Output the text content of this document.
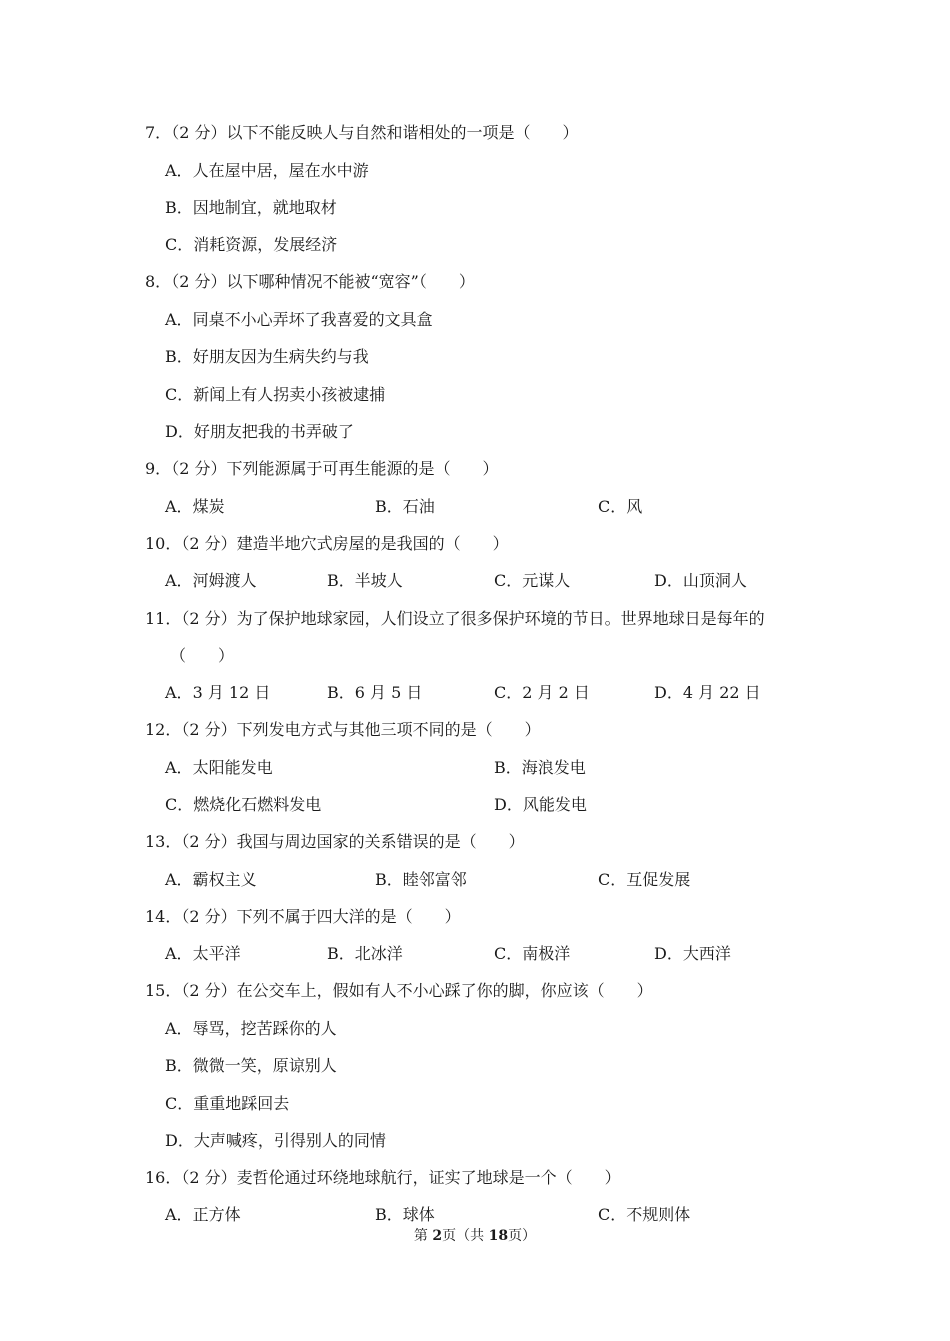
7．（2 分）以下不能反映人与自然和谐相处的一项是（　　）
A．人在屋中居，屋在水中游
B．因地制宜，就地取材
C．消耗资源，发展经济
8．（2 分）以下哪种情况不能被“宽容”（　　）
A．同桌不小心弄坏了我喜爱的文具盒
B．好朋友因为生病失约与我
C．新闻上有人拐卖小孩被逮捕
D．好朋友把我的书弄破了
9．（2 分）下列能源属于可再生能源的是（　　）
A．煤炭	B．石油	C．风
10．（2 分）建造半地穴式房屋的是我国的（　　）
A．河姆渡人	B．半坡人	C．元谋人	D．山顶洞人
11．（2 分）为了保护地球家园，人们设立了很多保护环境的节日。世界地球日是每年的
（　　）
A．3 月 12 日	B．6 月 5 日	C．2 月 2 日	D．4 月 22 日
12．（2 分）下列发电方式与其他三项不同的是（　　）
A．太阳能发电	B．海浪发电
C．燃烧化石燃料发电	D．风能发电
13．（2 分）我国与周边国家的关系错误的是（　　）
A．霸权主义	B．睦邻富邻	C．互促发展
14．（2 分）下列不属于四大洋的是（　　）
A．太平洋	B．北冰洋	C．南极洋	D．大西洋
15．（2 分）在公交车上，假如有人不小心踩了你的脚，你应该（　　）
A．辱骂，挖苦踩你的人
B．微微一笑，原谅别人
C．重重地踩回去
D．大声喊疼，引得别人的同情
16．（2 分）麦哲伦通过环绕地球航行，证实了地球是一个（　　）
A．正方体	B．球体	C．不规则体
第 2页（共 18页）
